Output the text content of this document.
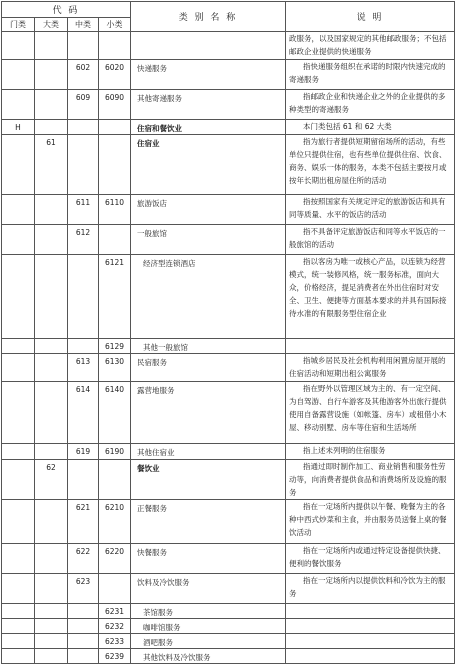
代 码				类 别 名 称	说 明
门类	大类	中类	小类		
					政服务，以及国家规定的其他邮政服务；不包括邮政企业提供的快递服务
		602	6020	快递服务	指快递服务组织在承诺的时限内快速完成的寄递服务
		609	6090	其他寄递服务	指邮政企业和快递企业之外的企业提供的多种类型的寄递服务
H				住宿和餐饮业	本门类包括 61 和 62 大类
	61			住宿业	指为旅行者提供短期留宿场所的活动，有些单位只提供住宿，也有些单位提供住宿、饮食、商务、娱乐一体的服务，本类不包括主要按月或按年长期出租房屋住所的活动
		611	6110	旅游饭店	指按照国家有关规定评定的旅游饭店和具有同等质量、水平的饭店的活动
		612		一般旅馆	指不具备评定旅游饭店和同等水平饭店的一般旅馆的活动
			6121	经济型连锁酒店	指以客房为唯一或核心产品，以连锁为经营模式，统一装修风格，统一服务标准，面向大众，价格经济，提足消费者在外出住宿时对安全、卫生、便捷等方面基本要求的并具有国际接待水准的有限服务型住宿企业
			6129	其他一般旅馆	
		613	6130	民宿服务	指城乡居民及社会机构利用闲置房屋开展的住宿活动和短期出租公寓服务
		614	6140	露营地服务	指在野外以管理区域为主的、有一定空间、为自驾游、自行车游客及其他游客外出旅行提供使用自备露营设施（如帐篷、房车）或租借小木屋、移动别墅、房车等住宿和生活场所
		619	6190	其他住宿业	指上述未列明的住宿服务
	62			餐饮业	指通过即时制作加工、商业销售和服务性劳动等，向消费者提供食品和消费场所及设施的服务
		621	6210	正餐服务	指在一定场所内提供以午餐、晚餐为主的各种中西式炒菜和主食，并由服务员送餐上桌的餐饮活动
		622	6220	快餐服务	指在一定场所内或通过特定设备提供快捷、便利的餐饮服务
		623		饮料及冷饮服务	指在一定场所内以提供饮料和冷饮为主的服务
			6231	茶馆服务	
			6232	咖啡馆服务	
			6233	酒吧服务	
			6239	其他饮料及冷饮服务	
